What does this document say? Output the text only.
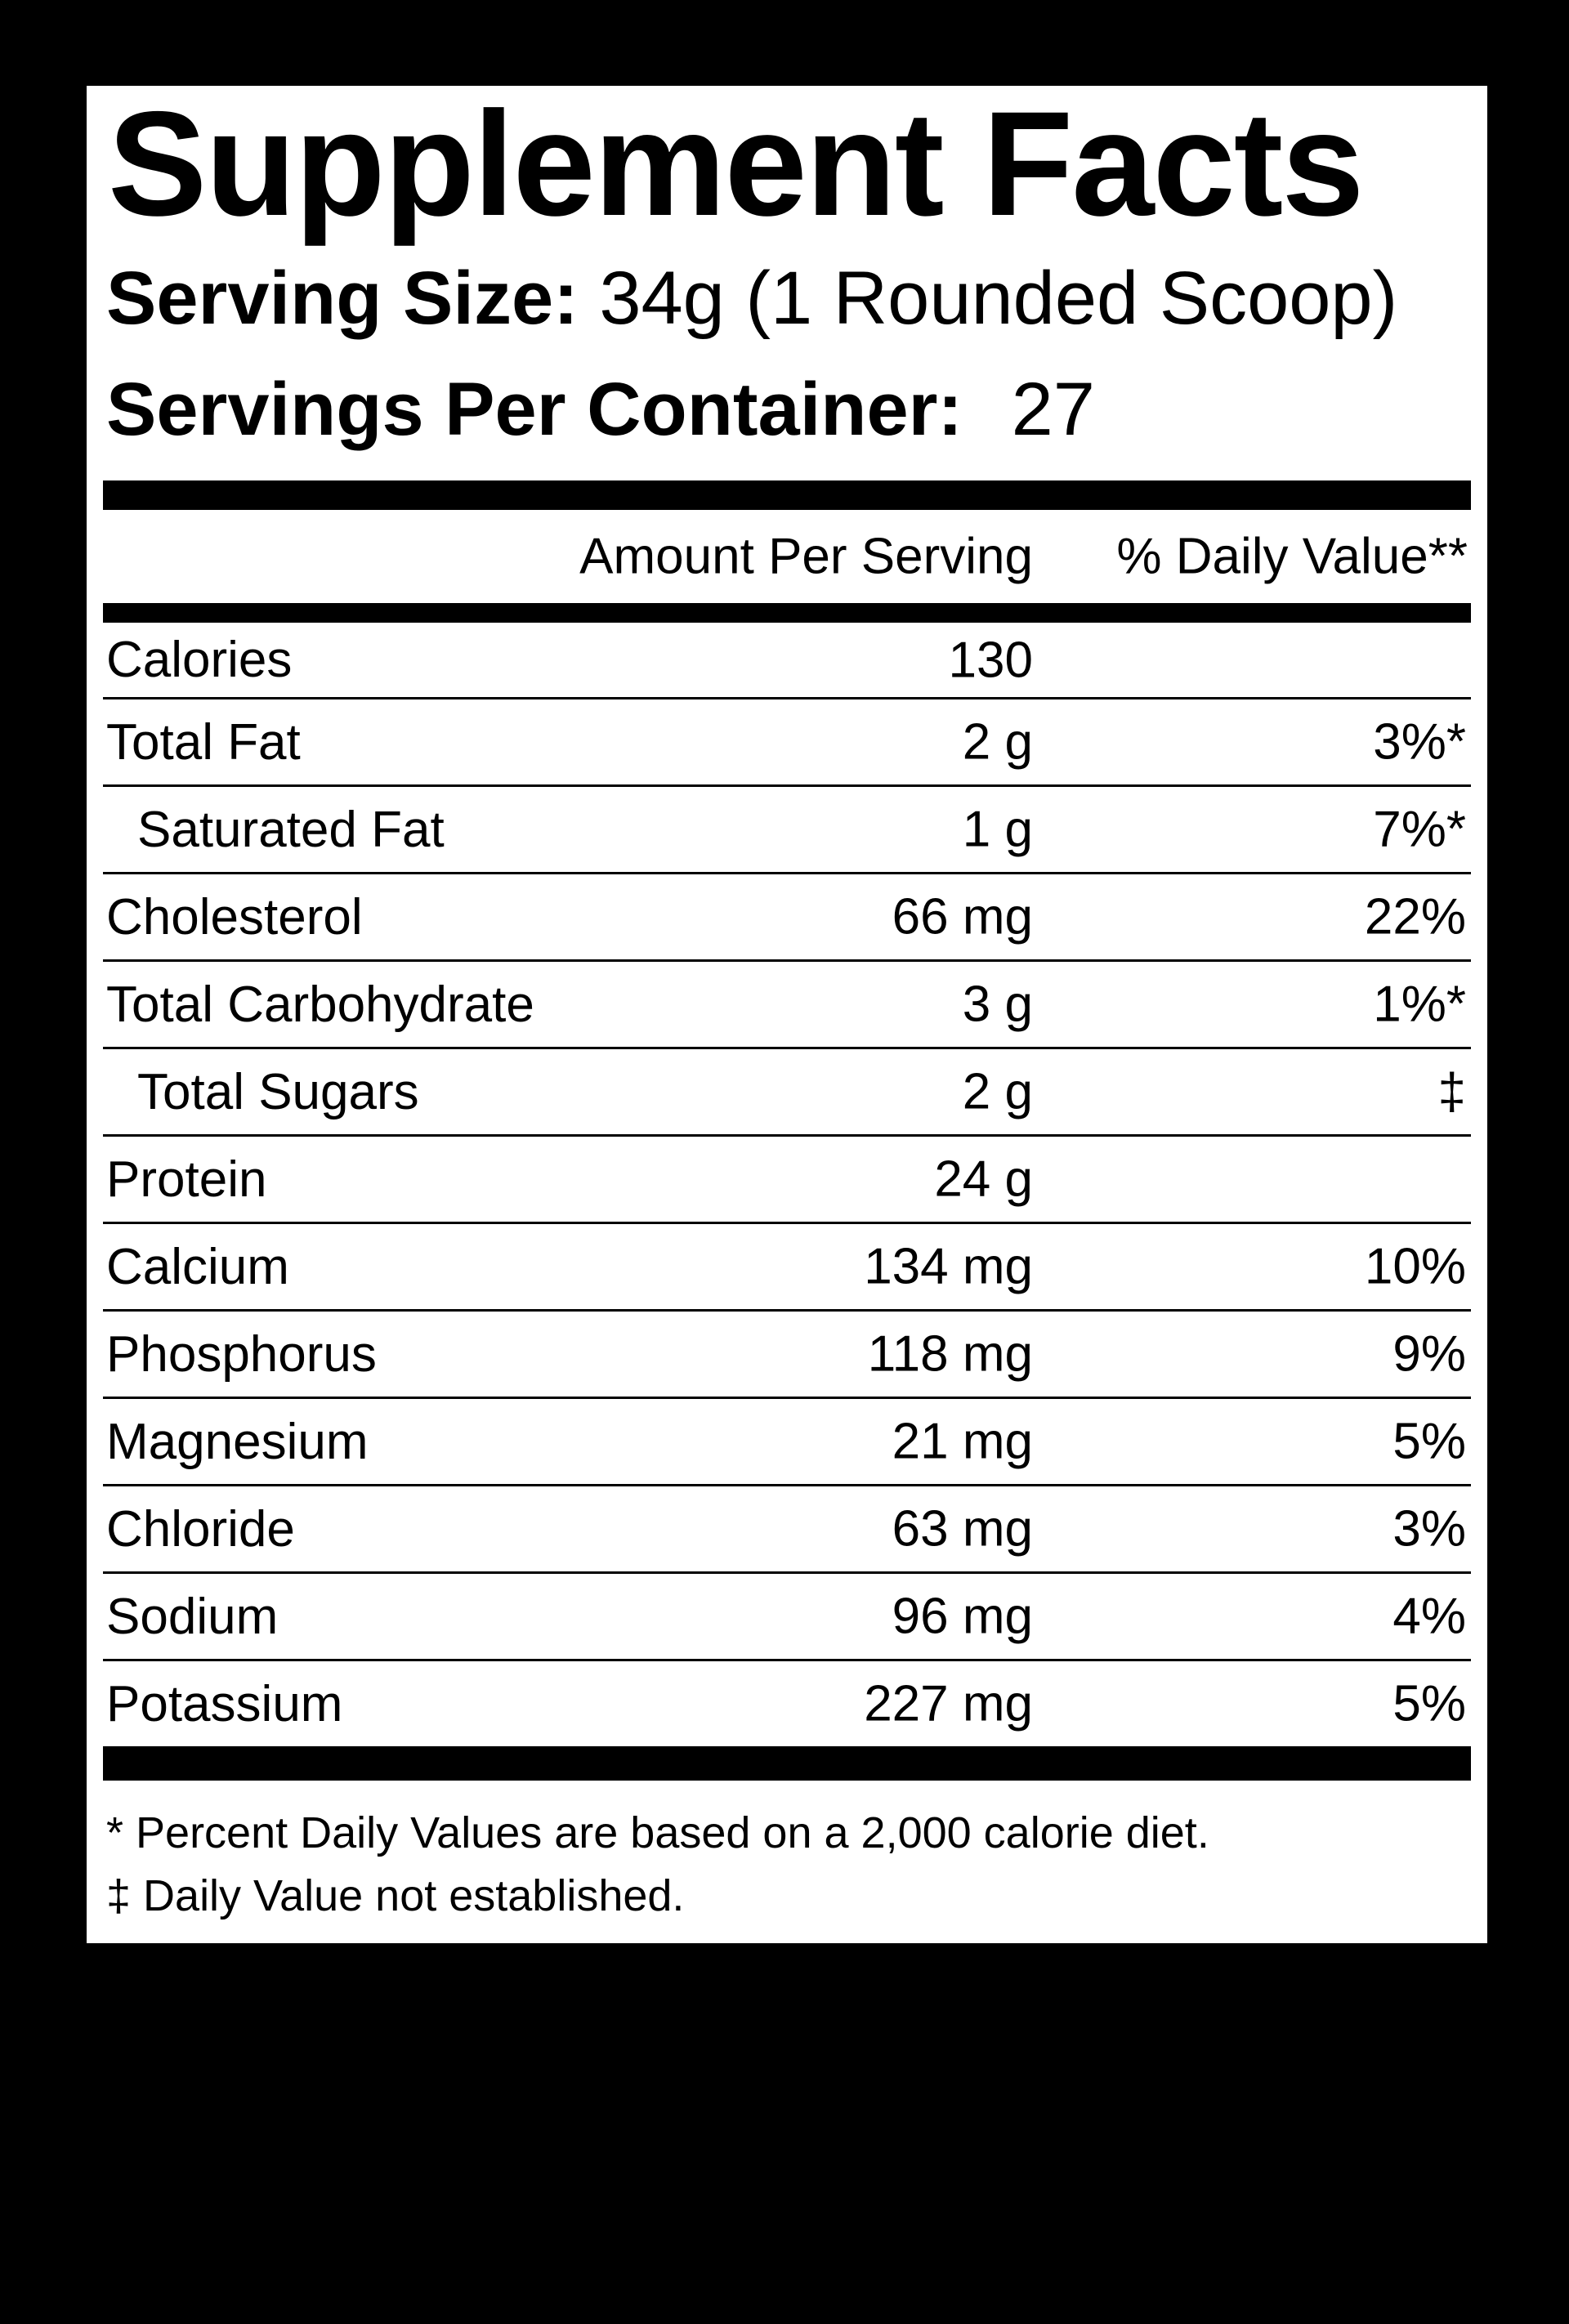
Supplement Facts
Serving Size: 34g (1 Rounded Scoop)
Servings Per Container: 27
Amount Per Serving % Daily Value**
Calories	130
Total Fat	2 g	3%*
Saturated Fat	1 g	7%*
Cholesterol	66 mg	22%
Total Carbohydrate	3 g	1%*
Total Sugars	2 g	‡
Protein	24 g
Calcium	134 mg	10%
Phosphorus	118 mg	9%
Magnesium	21 mg	5%
Chloride	63 mg	3%
Sodium	96 mg	4%
Potassium	227 mg	5%
* Percent Daily Values are based on a 2,000 calorie diet.
‡ Daily Value not established.
